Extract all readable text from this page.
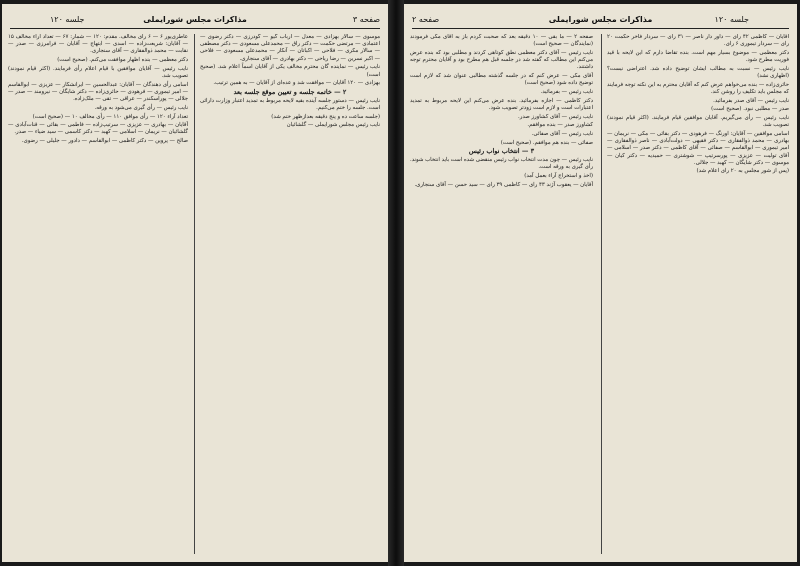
صفحه ۳
مذاکرات مجلس شورایملی
جلسه ۱۲۰

موسوی — سالار بهزادی — معدل — ارباب گیو — گودرزی — دکتر رضوی — اعتمادی — مرتضی حکمت — دکتر راق — محمدعلی مسعودی — دکتر مصطفی — سالار مکری — فلاحی — اکباتان — آنکار — محمدعلی مسعودی — فلاحی — اکبر نسرین — رضا ریاحی — دکتر بهادری — آقای سنجاری.

نایب رئیس — نماینده گان محترم مخالف یکی از آقایان اسماً اعلام شد. (صحیح است)

بهزادی — ۱۲۰ آقایان — موافقت شد و عده‌ای از آقایان — به همین ترتیب.

۲ — خاتمه جلسه و تعیین موقع جلسه بعد

نایب رئیس — دستور جلسه آینده بقیه لایحه مربوط به تمدید اعتبار وزارت دارائی است. جلسه را ختم می‌کنیم.

(جلسه ساعت ده و پنج دقیقه بعدازظهر ختم شد)

نایب رئیس مجلس شورایملی — گلشائیان

عاطری‌پور ۶ — ۶ رای مخالف. مقدم: ۱۲۰ — شمار: ۶۷ — تعداد آراء مخالف ۱۵ — آقایان: شریعت‌زاده — اسدی — ابتهاج — آقایان — فرامرزی — صدر — نقابت — محمد ذوالفقاری — آقای سنجاری.

دکتر معظمی — بنده اظهار موافقت می‌کنم. (صحیح است)

نایب رئیس — آقایان موافقین با قیام اعلام رأی فرمایند. (اکثر قیام نمودند) تصویب شد.

اسامی رأی دهندگان — آقایان: عبدالحسین — ایرانشکار — عزیزی — ابوالقاسم — امیر تیموری — فرهودی — حائری‌زاده — دکتر شایگان — نیرومند — صدر — جلالی — پوراسکندر — عراقی — تقی — ملک‌زاده.

نایب رئیس — رأی گیری می‌شود به ورقه.

تعداد آراء ۱۲۰ — رأی موافق ۱۱۰ — رأی مخالف ۱۰ — (صحیح است)

آقایان — بهادری — عزیزی — سرتیپ‌زاده — فاطمی — بقائی — قنات‌آبادی — گلشائیان — نریمان — اسلامی — کهبد — دکتر کاسمی — سید ضیاء — صدر.

صالح — پروین — دکتر کاظمی — ابوالقاسم — دادور — جلیلی — رضوی.

صفحه ۲	مذاکرات مجلس شورایملی	جلسه ۱۲۰

آقایان — کاظمی ۴۲ رای — داور دار ناصر — ۳۱ رای — سردار فاخر حکمت ۲۰ رای — سردار تیموری ۶ رای.

دکتر معظمی — موضوع بسیار مهم است. بنده تقاضا دارم که این لایحه با قید فوریت مطرح شود.

نایب رئیس — نسبت به مطالب ایشان توضیح داده شد. اعتراضی نیست؟ (اظهاری نشد)

حائری‌زاده — بنده می‌خواهم عرض کنم که آقایان محترم به این نکته توجه فرمایند که مجلس باید تکلیف را روشن کند.

نایب رئیس — آقای صدر بفرمائید.

صدر — مطلبی نبود. (صحیح است)

نایب رئیس — رأی می‌گیریم. آقایان موافقین قیام فرمایند. (اکثر قیام نمودند) تصویب شد.

اسامی موافقین — آقایان: اورنگ — فرهودی — دکتر بقائی — مکی — نریمان — بهادری — محمد ذوالفقاری — دکتر فقیهی — دولت‌آبادی — ناصر ذوالفقاری — امیر تیموری — ابوالقاسم — صفائی — آقای کاظمی — دکتر صدر — اسلامی — آقای تولیت — عزیزی — پورسرتیپ — شوشتری — حمیدیه — دکتر کیان — موسوی — دکتر شایگان — کهبد — جلالی.

(پس از شور مجلس به ۲۰ رای اعلام شد)

صفحه ۲ — ما بقی — ۱۰ دقیقه بعد که صحبت کردم باز به آقای مکی فرمودند (نمایندگان — صحیح است)

نایب رئیس — آقای دکتر معظمی نطق کوتاهی کردند و مطلبی بود که بنده عرض می‌کنم این مطالب که گفته شد در جلسه قبل هم مطرح بود و آقایان محترم توجه داشتند.

آقای مکی — عرض کنم که در جلسه گذشته مطالبی عنوان شد که لازم است توضیح داده شود (صحیح است)

نایب رئیس — بفرمائید.

دکتر کاظمی — اجازه بفرمائید. بنده عرض می‌کنم این لایحه مربوط به تمدید اعتبارات است و لازم است زودتر تصویب شود.

نایب رئیس — آقای کشاورز صدر.

کشاورز صدر — بنده موافقم.

نایب رئیس — آقای صفائی.

صفائی — بنده هم موافقم. (صحیح است)

۳ — انتخاب نواب رئیس

نایب رئیس — چون مدت انتخاب نواب رئیس منقضی شده است باید انتخاب شوند. رأی گیری به ورقه است.

(اخذ و استخراج آراء بعمل آمد)

آقایان — یعقوب آژند ۴۳ رای — کاظمی ۳۹ رای — سید حسن — آقای سنجاری.
